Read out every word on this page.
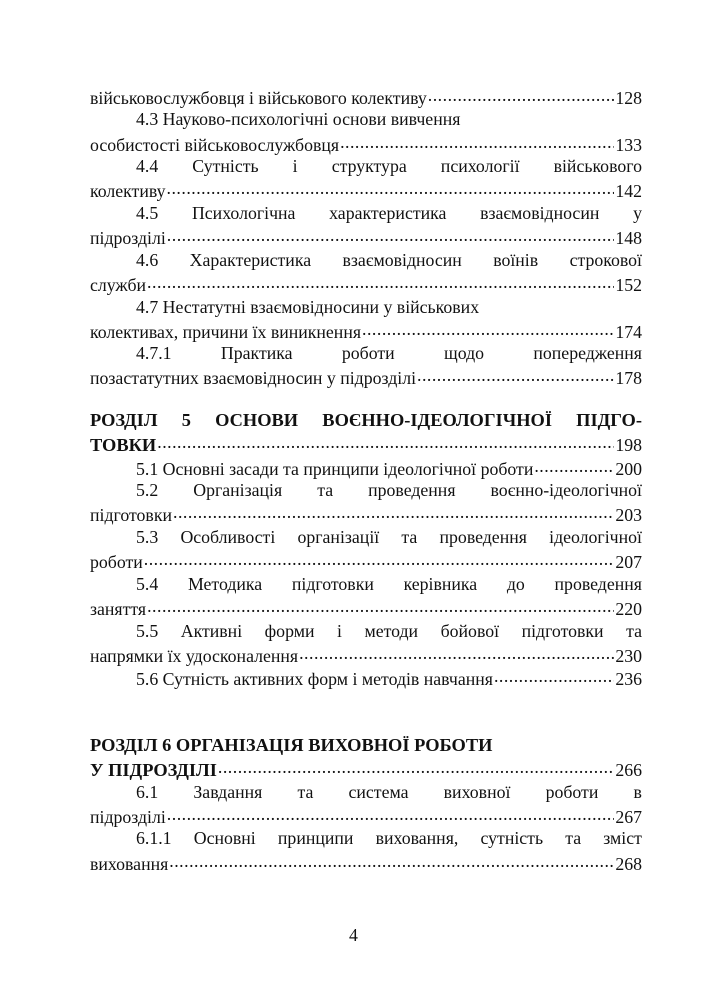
військовослужбовця і військового колективу .....	128
4.3 Науково-психологічні основи вивчення
особистості військовослужбовця .....	133
4.4 Сутність і структура психології військового
колективу .....	142
4.5 Психологічна характеристика взаємовідносин у
підрозділі .....	148
4.6 Характеристика взаємовідносин воїнів строкової
служби .....	152
4.7 Нестатутні взаємовідносини у військових
колективах, причини їх виникнення .....	174
4.7.1	Практика	роботи	щодо	попередження
позастатутних взаємовідносин у підрозділі .....	178
РОЗДІЛ 5 ОСНОВИ ВОЄННО-ІДЕОЛОГІЧНОЇ ПІДГО-
ТОВКИ .....	198
5.1 Основні засади та принципи ідеологічної роботи .....	200
5.2 Організація та проведення воєнно-ідеологічної
підготовки .....	203
5.3 Особливості організації та проведення ідеологічної
роботи .....	207
5.4 Методика підготовки керівника до проведення
заняття .....	220
5.5 Активні форми і методи бойової підготовки та
напрямки їх удосконалення .....	230
5.6 Сутність активних форм і методів навчання .....	236
РОЗДІЛ 6 ОРГАНІЗАЦІЯ ВИХОВНОЇ РОБОТИ
У ПІДРОЗДІЛІ .....	266
6.1 Завдання та система виховної роботи в
підрозділі .....	267
6.1.1 Основні принципи виховання, сутність та зміст
виховання .....	268
4
